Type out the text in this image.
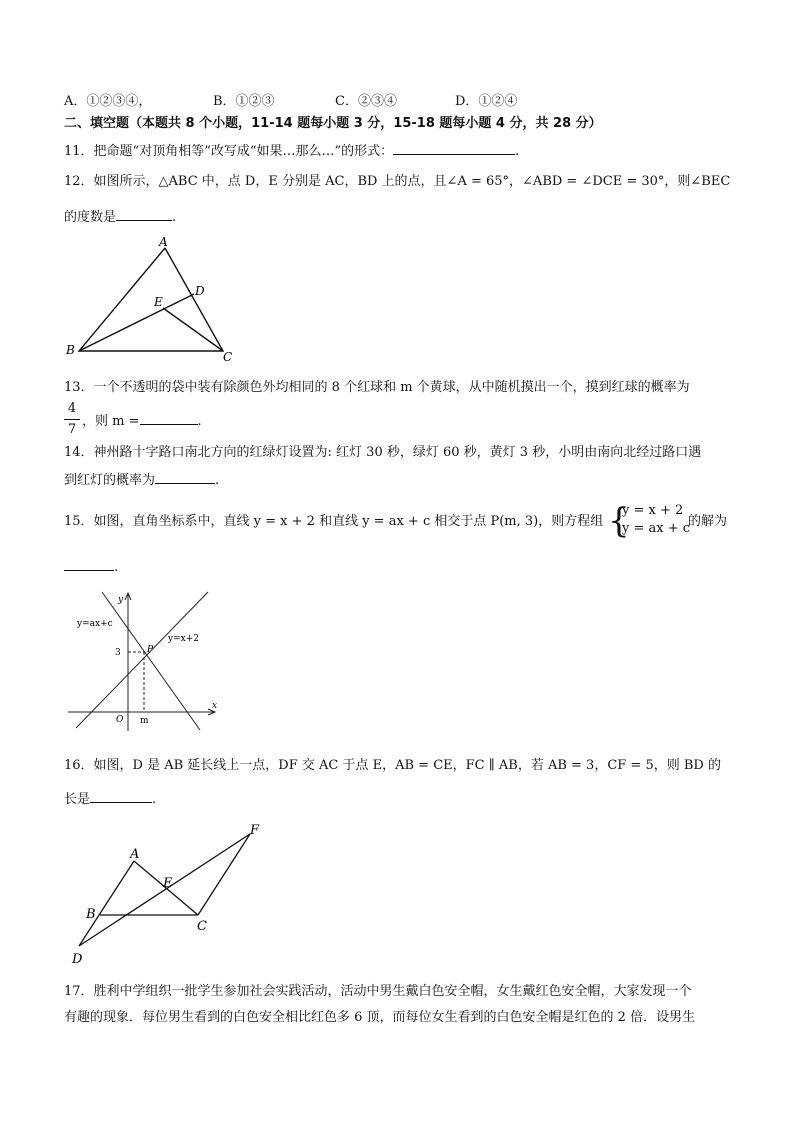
A．①②③④，	B．①②③	C．②③④	D．①②④
二、填空题（本题共 8 个小题，11-14 题每小题 3 分，15-18 题每小题 4 分，共 28 分）
11．把命题“对顶角相等”改写成“如果…那么…”的形式：	.
12．如图所示，△ABC 中，点 D，E 分别是 AC，BD 上的点，且∠A = 65°，∠ABD = ∠DCE = 30°，则∠BEC
的度数是	.
A
B	C
D
E
13．一个不透明的袋中装有除颜色外均相同的 8 个红球和 m 个黄球，从中随机摸出一个，摸到红球的概率为
4
7
，则 m =	.
14．神州路十字路口南北方向的红绿灯设置为: 红灯 30 秒，绿灯 60 秒，黄灯 3 秒，小明由南向北经过路口遇
到红灯的概率为	.
15．如图，直角坐标系中，直线 y = x + 2 和直线 y = ax + c 相交于点 P(m, 3)，则方程组 {
y = x + 2
y = ax + c
的解为
.
y=ax+c
y=x+2
y
x
O
P
3
m
16．如图，D 是 AB 延长线上一点，DF 交 AC 于点 E，AB = CE，FC ∥ AB，若 AB = 3，CF = 5，则 BD 的
长是	.
A
B
C
D
E
F
17．胜利中学组织一批学生参加社会实践活动，活动中男生戴白色安全帽，女生戴红色安全帽，大家发现一个
有趣的现象．每位男生看到的白色安全相比红色多 6 顶，而每位女生看到的白色安全帽是红色的 2 倍．设男生
